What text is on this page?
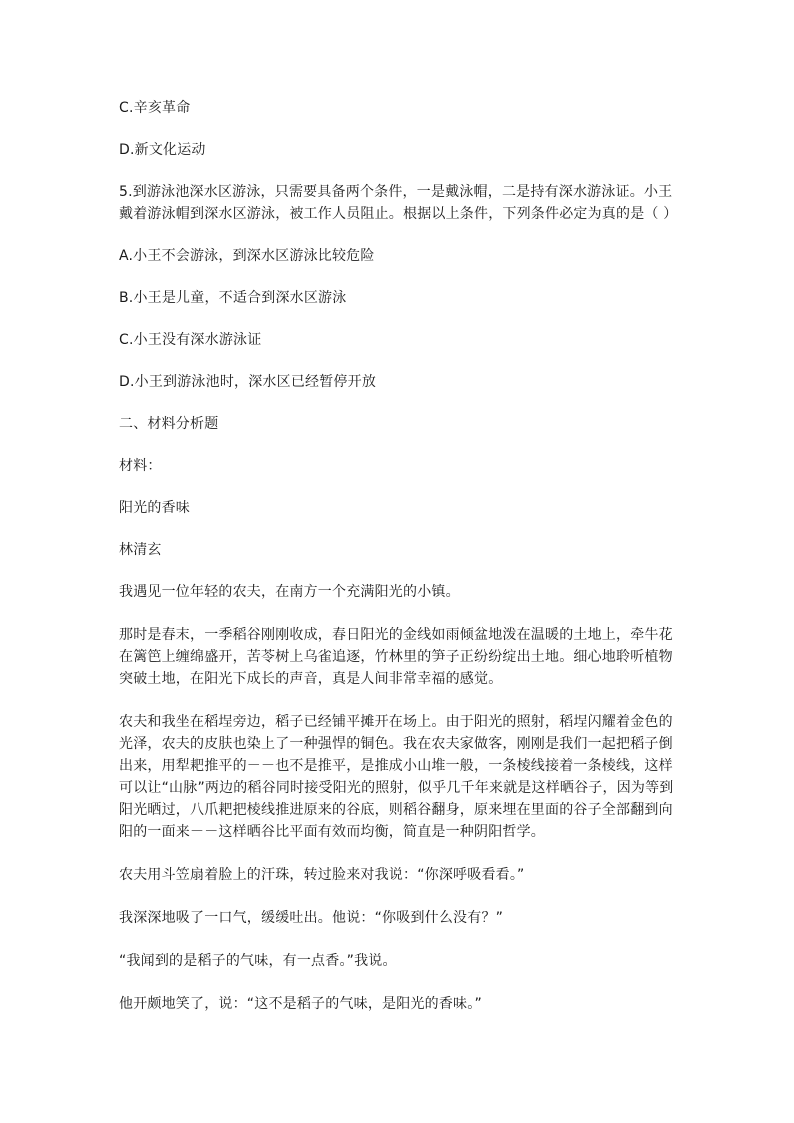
C.辛亥革命

D.新文化运动

5.到游泳池深水区游泳，只需要具备两个条件，一是戴泳帽，二是持有深水游泳证。小王戴着游泳帽到深水区游泳，被工作人员阻止。根据以上条件，下列条件必定为真的是（ ）

A.小王不会游泳，到深水区游泳比较危险

B.小王是儿童，不适合到深水区游泳

C.小王没有深水游泳证

D.小王到游泳池时，深水区已经暂停开放

二、材料分析题

材料：

阳光的香味

林清玄

我遇见一位年轻的农夫，在南方一个充满阳光的小镇。

那时是春末，一季稻谷刚刚收成，春日阳光的金线如雨倾盆地泼在温暖的土地上，牵牛花在篱笆上缠绵盛开，苦苓树上乌雀追逐，竹林里的笋子正纷纷绽出土地。细心地聆听植物突破土地，在阳光下成长的声音，真是人间非常幸福的感觉。

农夫和我坐在稻埕旁边，稻子已经铺平摊开在场上。由于阳光的照射，稻埕闪耀着金色的光泽，农夫的皮肤也染上了一种强悍的铜色。我在农夫家做客，刚刚是我们一起把稻子倒出来，用犁耙推平的－－也不是推平，是推成小山堆一般，一条棱线接着一条棱线，这样可以让“山脉”两边的稻谷同时接受阳光的照射，似乎几千年来就是这样晒谷子，因为等到阳光晒过，八爪耙把棱线推进原来的谷底，则稻谷翻身，原来埋在里面的谷子全部翻到向阳的一面来－－这样晒谷比平面有效而均衡，简直是一种阴阳哲学。

农夫用斗笠扇着脸上的汗珠，转过脸来对我说：“你深呼吸看看。”

我深深地吸了一口气，缓缓吐出。他说：“你吸到什么没有？”

“我闻到的是稻子的气味，有一点香。”我说。

他开颇地笑了，说：“这不是稻子的气味，是阳光的香味。”
